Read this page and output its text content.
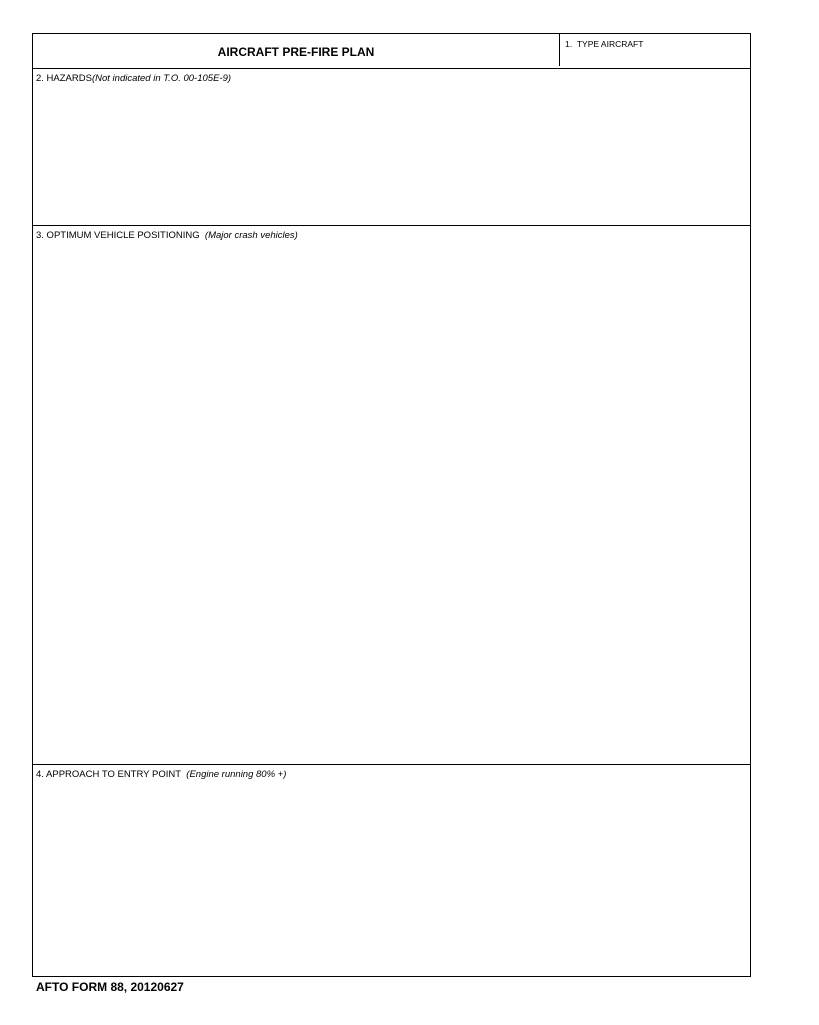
AIRCRAFT PRE-FIRE PLAN
1. TYPE AIRCRAFT
2. HAZARDS(Not indicated in T.O. 00-105E-9)
3. OPTIMUM VEHICLE POSITIONING (Major crash vehicles)
4. APPROACH TO ENTRY POINT (Engine running 80% +)
AFTO FORM 88, 20120627
